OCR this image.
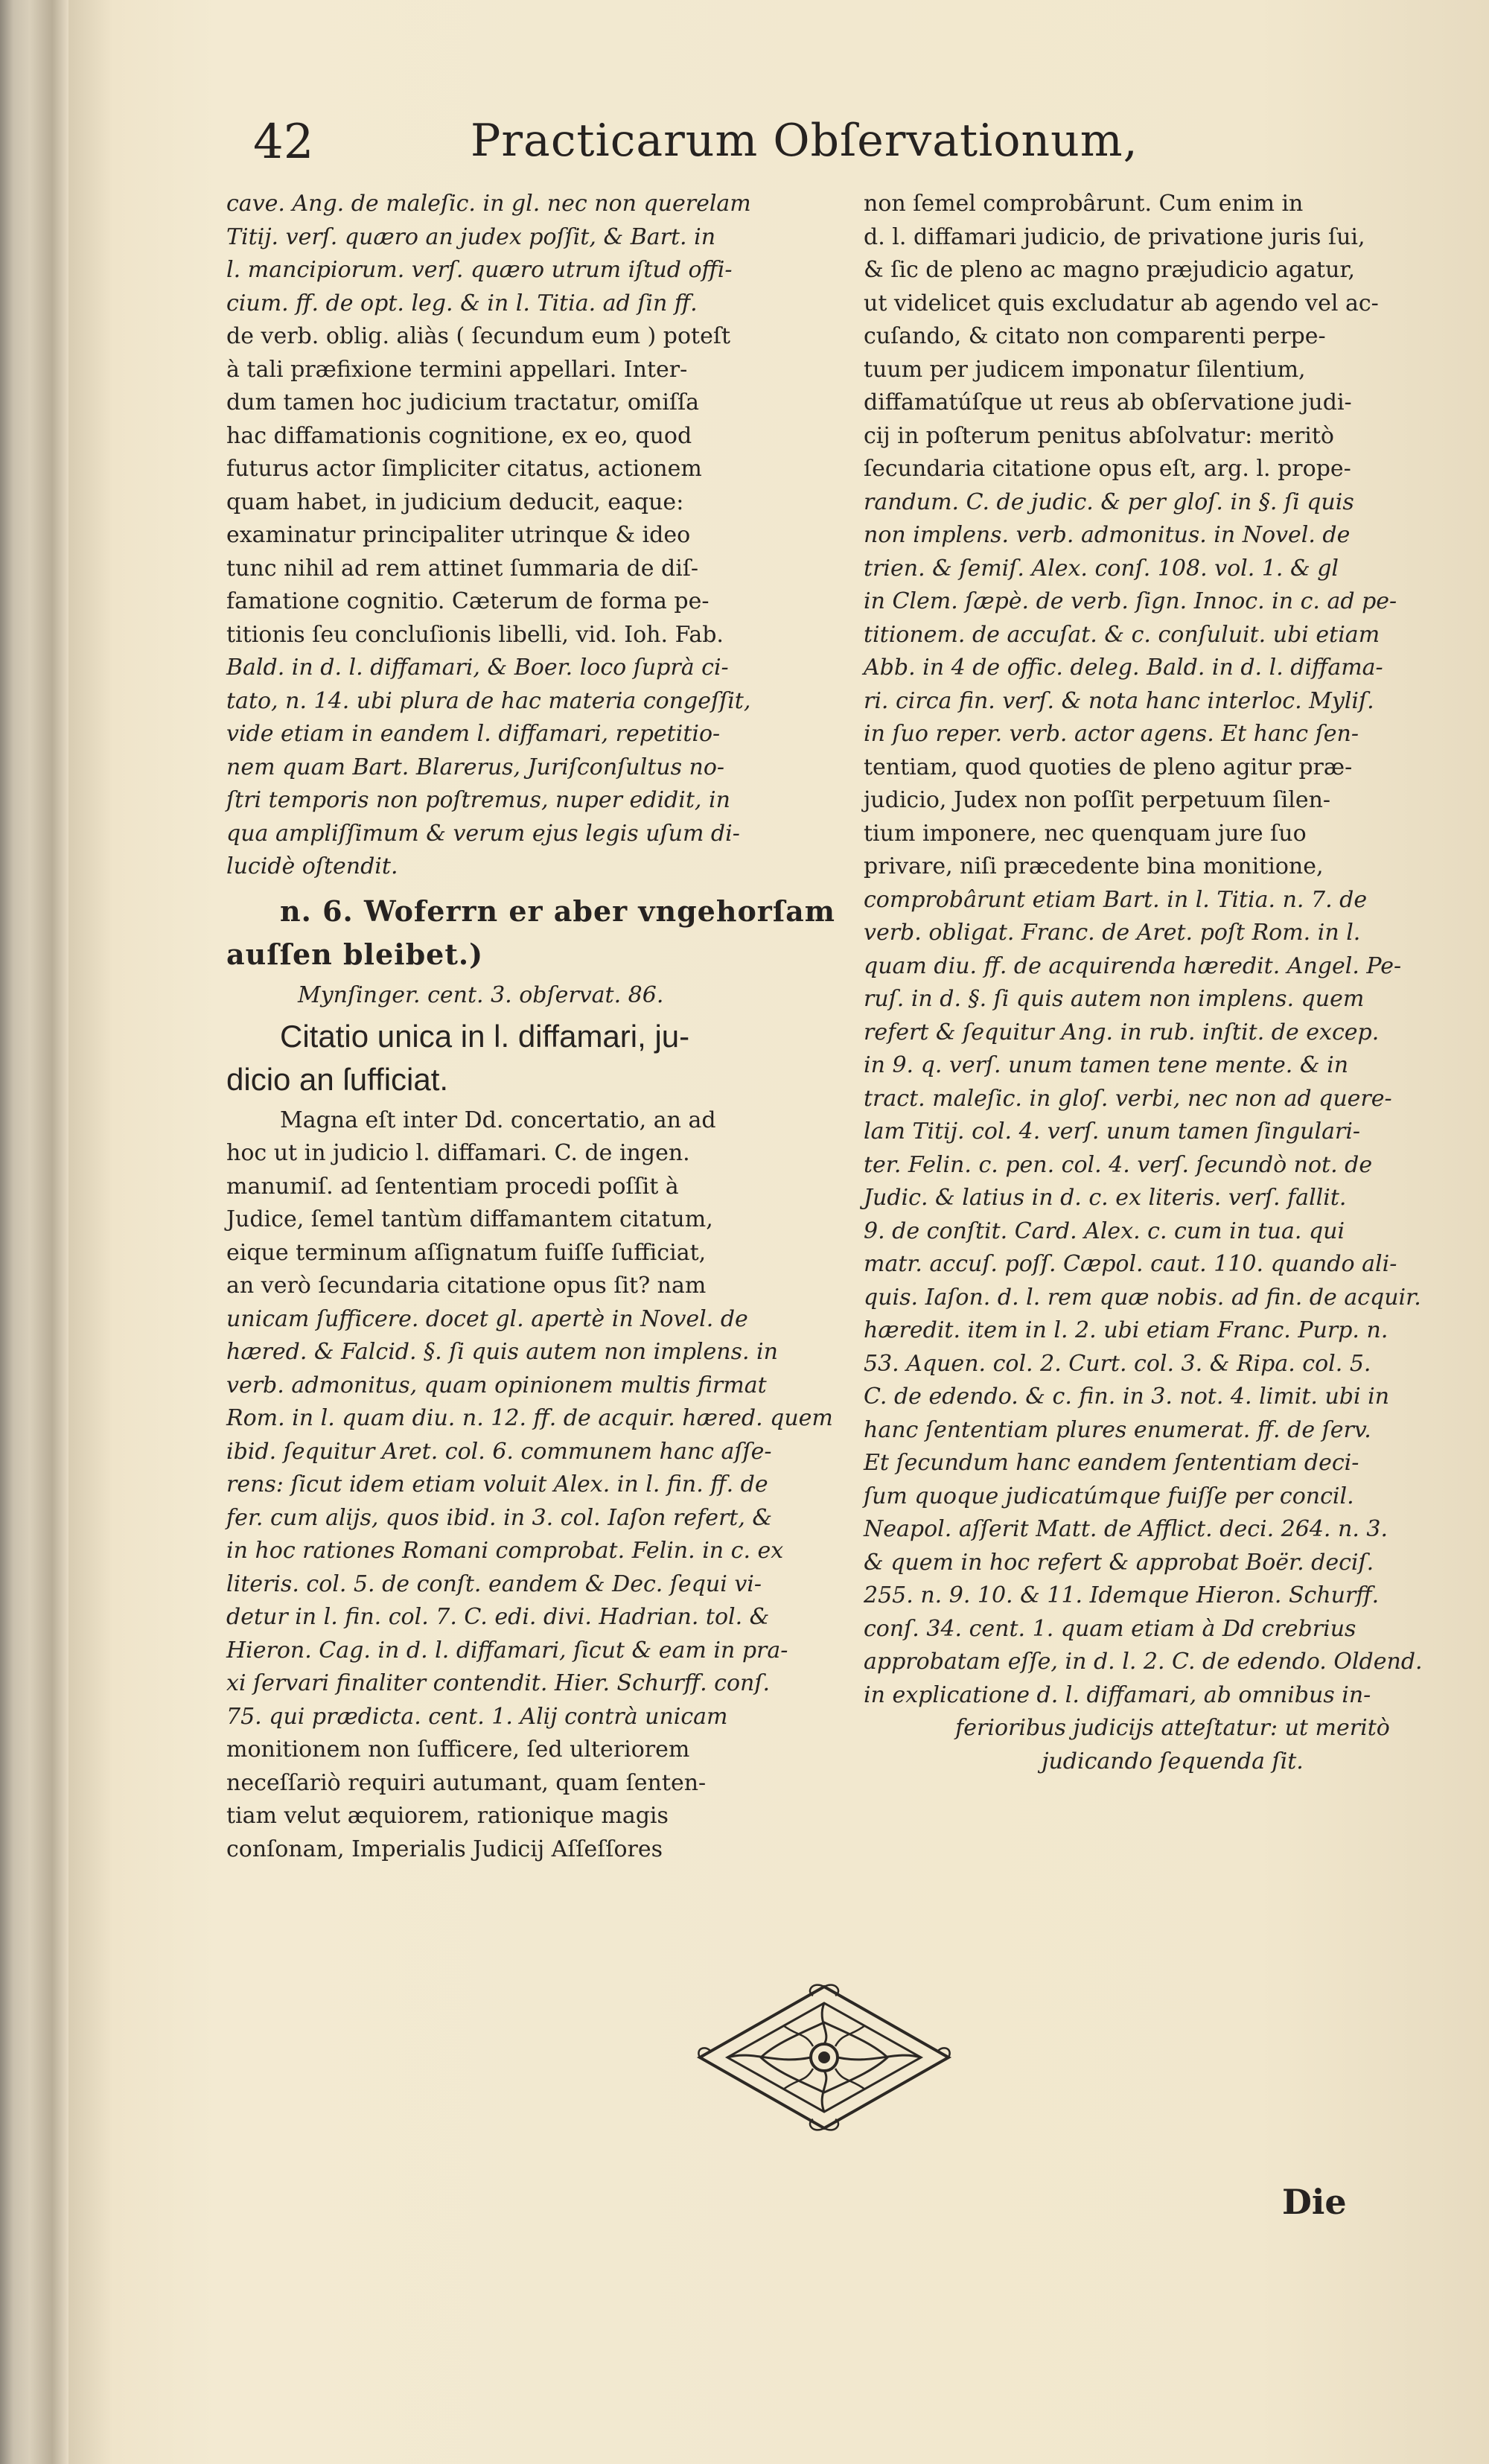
42	Practicarum Obſervationum,
cave. Ang. de maleſic. in gl. nec non querelam
Titij. verſ. quæro an judex poſſit, & Bart. in
l. mancipiorum. verſ. quæro utrum iſtud offi-
cium. ff. de opt. leg. & in l. Titia. ad ſin ff.
de verb. oblig. aliàs ( ſecundum eum ) poteſt
à tali præfixione termini appellari. Inter-
dum tamen hoc judicium tractatur, omiſſa
hac diffamationis cognitione, ex eo, quod
futurus actor ſimpliciter citatus, actionem
quam habet, in judicium deducit, eaque:
examinatur principaliter utrinque & ideo
tunc nihil ad rem attinet ſummaria de diſ-
famatione cognitio. Cæterum de forma pe-
titionis ſeu concluſionis libelli, vid. Ioh. Fab.
Bald. in d. l. diffamari, & Boer. loco ſuprà ci-
tato, n. 14. ubi plura de hac materia congeſſit,
vide etiam in eandem l. diffamari, repetitio-
nem quam Bart. Blarerus, Juriſconſultus no-
ſtri temporis non poſtremus, nuper edidit, in
qua ampliſſimum & verum ejus legis uſum di-
lucidè oſtendit.
n. 6. Woferrn er aber vngehorſam
auſſen bleibet.)
Mynſinger. cent. 3. obſervat. 86.
Citatio unica in l. diffamari, ju-
dicio an ſufficiat.
Magna eſt inter Dd. concertatio, an ad
hoc ut in judicio l. diffamari. C. de ingen.
manumiſ. ad ſententiam procedi poſſit à
Judice, ſemel tantùm diffamantem citatum,
eique terminum aſſignatum fuiſſe ſufficiat,
an verò ſecundaria citatione opus ſit? nam
unicam ſufficere. docet gl. apertè in Novel. de
hæred. & Falcid. §. ſi quis autem non implens. in
verb. admonitus, quam opinionem multis firmat
Rom. in l. quam diu. n. 12. ff. de acquir. hæred. quem
ibid. ſequitur Aret. col. 6. communem hanc aſſe-
rens: ſicut idem etiam voluit Alex. in l. fin. ff. de
fer. cum alijs, quos ibid. in 3. col. Iaſon refert, &
in hoc rationes Romani comprobat. Felin. in c. ex
literis. col. 5. de conſt. eandem & Dec. ſequi vi-
detur in l. fin. col. 7. C. edi. divi. Hadrian. tol. &
Hieron. Cag. in d. l. diffamari, ſicut & eam in pra-
xi ſervari finaliter contendit. Hier. Schurff. conſ.
75. qui prædicta. cent. 1. Alij contrà unicam
monitionem non ſufficere, ſed ulteriorem
neceſſariò requiri autumant, quam ſenten-
tiam velut æquiorem, rationique magis
conſonam, Imperialis Judicij Aſſeſſores
non ſemel comprobârunt. Cum enim in
d. l. diffamari judicio, de privatione juris ſui,
& ſic de pleno ac magno præjudicio agatur,
ut videlicet quis excludatur ab agendo vel ac-
cuſando, & citato non comparenti perpe-
tuum per judicem imponatur ſilentium,
diffamatúſque ut reus ab obſervatione judi-
cij in poſterum penitus abſolvatur: meritò
ſecundaria citatione opus eſt, arg. l. prope-
randum. C. de judic. & per gloſ. in §. ſi quis
non implens. verb. admonitus. in Novel. de
trien. & ſemiſ. Alex. conſ. 108. vol. 1. & gl
in Clem. ſæpè. de verb. ſign. Innoc. in c. ad pe-
titionem. de accuſat. & c. conſuluit. ubi etiam
Abb. in 4 de offic. deleg. Bald. in d. l. diffama-
ri. circa fin. verſ. & nota hanc interloc. Myliſ.
in ſuo reper. verb. actor agens. Et hanc ſen-
tentiam, quod quoties de pleno agitur præ-
judicio, Judex non poſſit perpetuum ſilen-
tium imponere, nec quenquam jure ſuo
privare, niſi præcedente bina monitione,
comprobârunt etiam Bart. in l. Titia. n. 7. de
verb. obligat. Franc. de Aret. poſt Rom. in l.
quam diu. ff. de acquirenda hæredit. Angel. Pe-
ruſ. in d. §. ſi quis autem non implens. quem
refert & ſequitur Ang. in rub. inſtit. de excep.
in 9. q. verſ. unum tamen tene mente. & in
tract. maleſic. in gloſ. verbi, nec non ad quere-
lam Titij. col. 4. verſ. unum tamen ſingulari-
ter. Felin. c. pen. col. 4. verſ. ſecundò not. de
Judic. & latius in d. c. ex literis. verſ. fallit.
9. de conſtit. Card. Alex. c. cum in tua. qui
matr. accuſ. poſſ. Cæpol. caut. 110. quando ali-
quis. Iaſon. d. l. rem quæ nobis. ad fin. de acquir.
hæredit. item in l. 2. ubi etiam Franc. Purp. n.
53. Aquen. col. 2. Curt. col. 3. & Ripa. col. 5.
C. de edendo. & c. fin. in 3. not. 4. limit. ubi in
hanc ſententiam plures enumerat. ff. de ſerv.
Et ſecundum hanc eandem ſententiam deci-
ſum quoque judicatúmque fuiſſe per concil.
Neapol. aſſerit Matt. de Afflict. deci. 264. n. 3.
& quem in hoc refert & approbat Boër. deciſ.
255. n. 9. 10. & 11. Idemque Hieron. Schurff.
conſ. 34. cent. 1. quam etiam à Dd crebrius
approbatam eſſe, in d. l. 2. C. de edendo. Oldend.
in explicatione d. l. diffamari, ab omnibus in-
ferioribus judicijs atteſtatur: ut meritò
judicando ſequenda ſit.
Die
